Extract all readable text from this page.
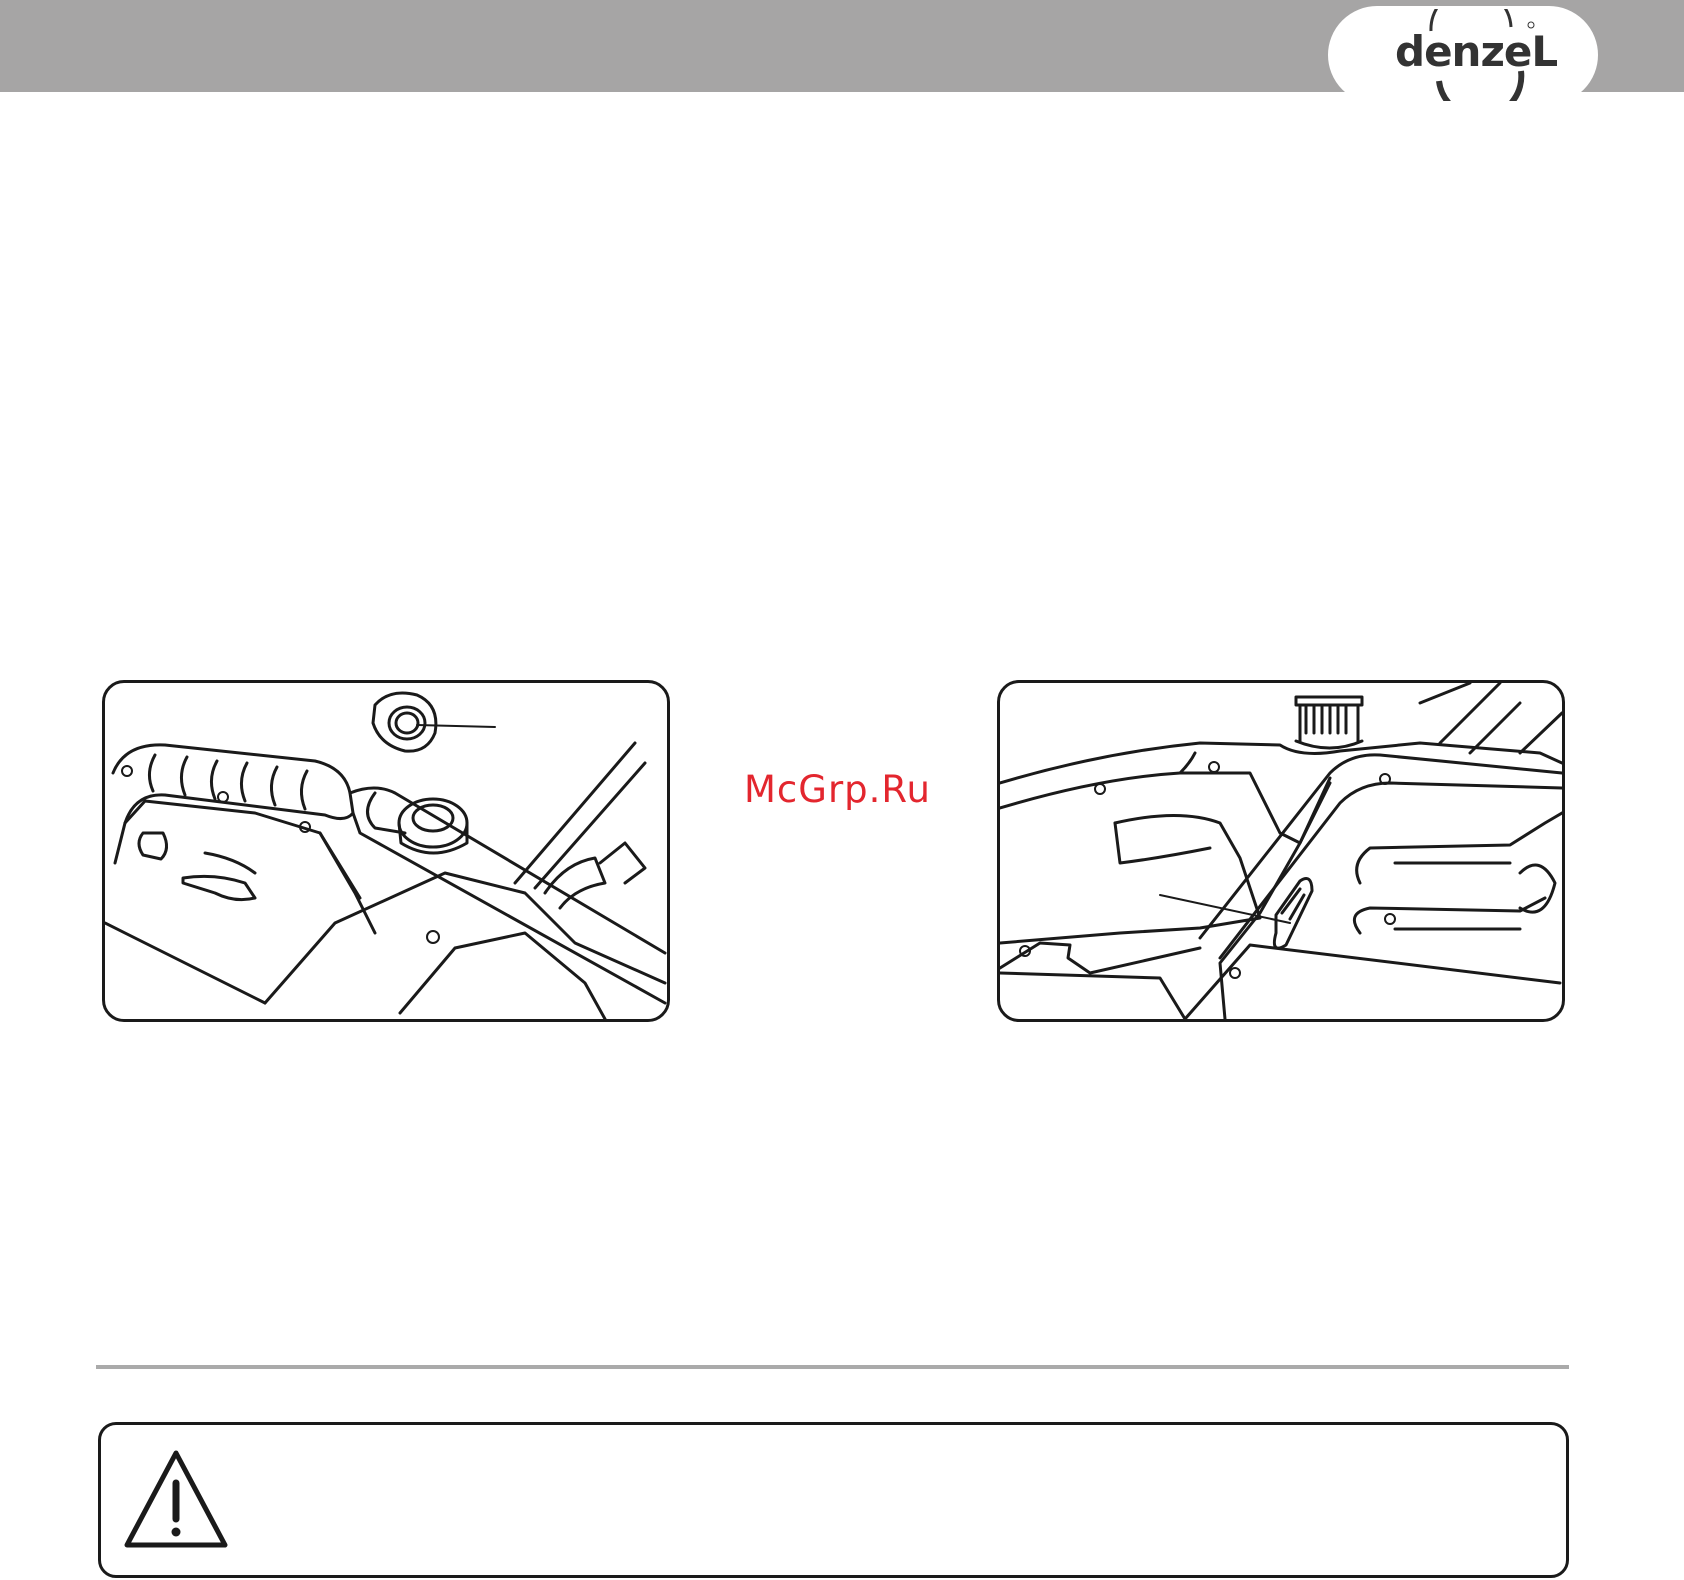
denzeL
McGrp.Ru
